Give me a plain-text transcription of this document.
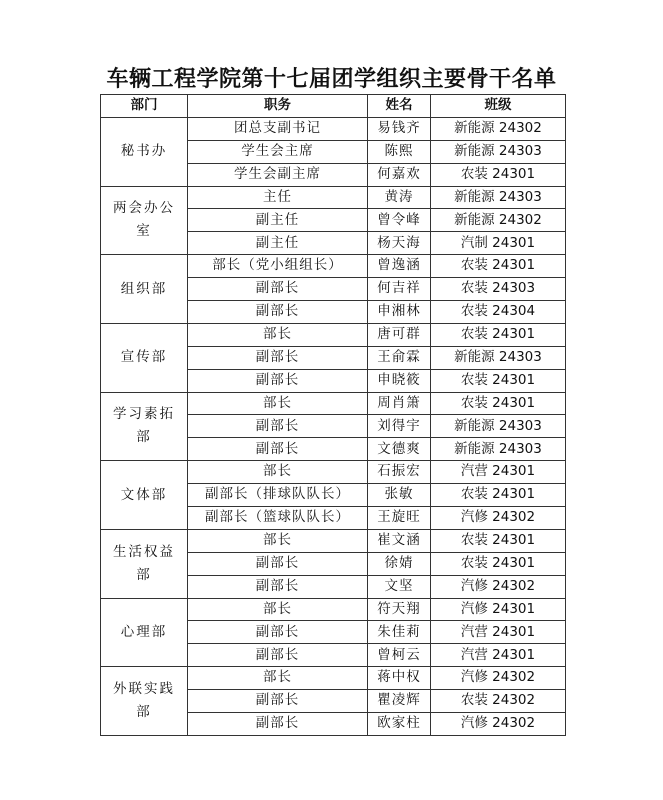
车辆工程学院第十七届团学组织主要骨干名单
部门	职务	姓名	班级
秘书办	团总支副书记	易钱齐	新能源 24302
	学生会主席	陈熙	新能源 24303
	学生会副主席	何嘉欢	农装 24301
两会办公室	主任	黄涛	新能源 24303
	副主任	曾令峰	新能源 24302
	副主任	杨天海	汽制 24301
组织部	部长（党小组组长）	曾逸涵	农装 24301
	副部长	何吉祥	农装 24303
	副部长	申湘林	农装 24304
宣传部	部长	唐可群	农装 24301
	副部长	王俞霖	新能源 24303
	副部长	申晓筱	农装 24301
学习素拓部	部长	周肖箫	农装 24301
	副部长	刘得宇	新能源 24303
	副部长	文德爽	新能源 24303
文体部	部长	石振宏	汽营 24301
	副部长（排球队队长）	张敏	农装 24301
	副部长（篮球队队长）	王旋旺	汽修 24302
生活权益部	部长	崔文涵	农装 24301
	副部长	徐婧	农装 24301
	副部长	文坚	汽修 24302
心理部	部长	符天翔	汽修 24301
	副部长	朱佳莉	汽营 24301
	副部长	曾柯云	汽营 24301
外联实践部	部长	蒋中权	汽修 24302
	副部长	瞿凌辉	农装 24302
	副部长	欧家柱	汽修 24302
